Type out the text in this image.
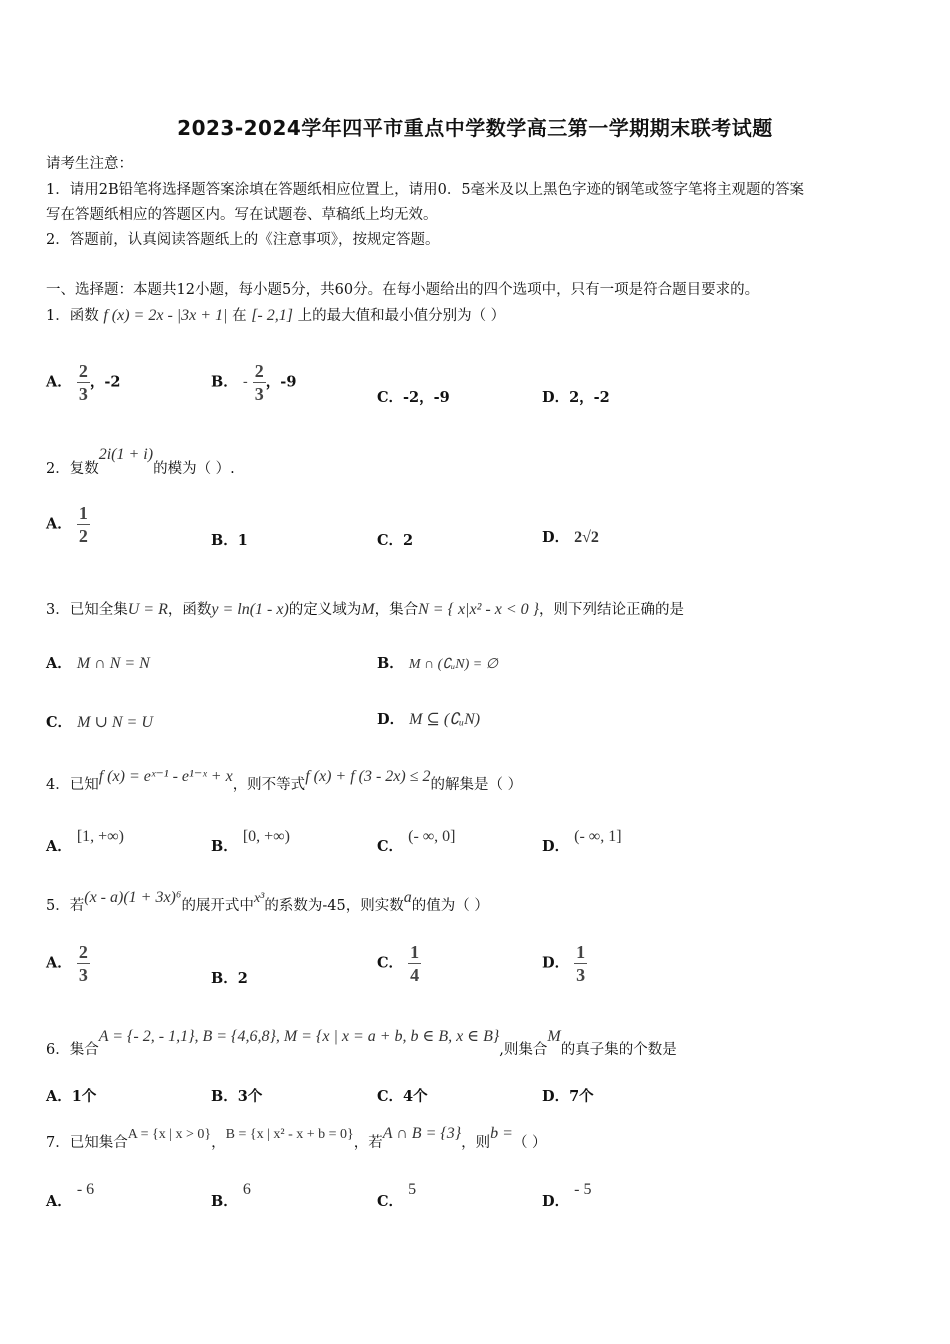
2023-2024学年四平市重点中学数学高三第一学期期末联考试题
请考生注意：
1．请用2B铅笔将选择题答案涂填在答题纸相应位置上，请用0．5毫米及以上黑色字迹的钢笔或签字笔将主观题的答案
写在答题纸相应的答题区内。写在试题卷、草稿纸上均无效。
2．答题前，认真阅读答题纸上的《注意事项》，按规定答题。
一、选择题：本题共12小题，每小题5分，共60分。在每小题给出的四个选项中，只有一项是符合题目要求的。
1．函数 f (x) = 2x - |3x + 1| 在 [- 2,1] 上的最大值和最小值分别为（ ）
A． $\frac{2}{3}$ ，-2	B． - $\frac{2}{3}$ ，-9
C．-2，-9	D．2，-2
2．复数2i(1 + i)的模为（ ）.
A． $\frac{1}{2}$	B．1	C．2	D． 2√2
3．已知全集U = R，函数y = ln(1 - x)的定义域为M，集合N = { x|x² - x < 0 }，则下列结论正确的是
A． M ∩ N = N	B． M ∩ (∁ᵤN) = ∅
C． M ∪ N = U	D． M ⊆ (∁ᵤN)
4．已知f (x) = eˣ⁻¹ - e¹⁻ˣ + x，则不等式f (x) + f (3 - 2x) ≤ 2的解集是（ ）
A． [1, +∞)
B． [0, +∞)
C． (- ∞, 0]
D． (- ∞, 1]
5．若(x - a)(1 + 3x)⁶的展开式中x³的系数为-45，则实数a的值为（ ）
A． $\frac{2}{3}$	B．2
C． $\frac{1}{4}$	D． $\frac{1}{3}$
6．集合A = {- 2, - 1,1}, B = {4,6,8}, M = {x | x = a + b, b ∈ B, x ∈ B},则集合M的真子集的个数是
A．1个	B．3个	C．4个	D．7个
7．已知集合A = {x | x > 0}，B = {x | x² - x + b = 0}，若A ∩ B = {3}，则b =（ ）
A． - 6
B． 6
C． 5
D． - 5
